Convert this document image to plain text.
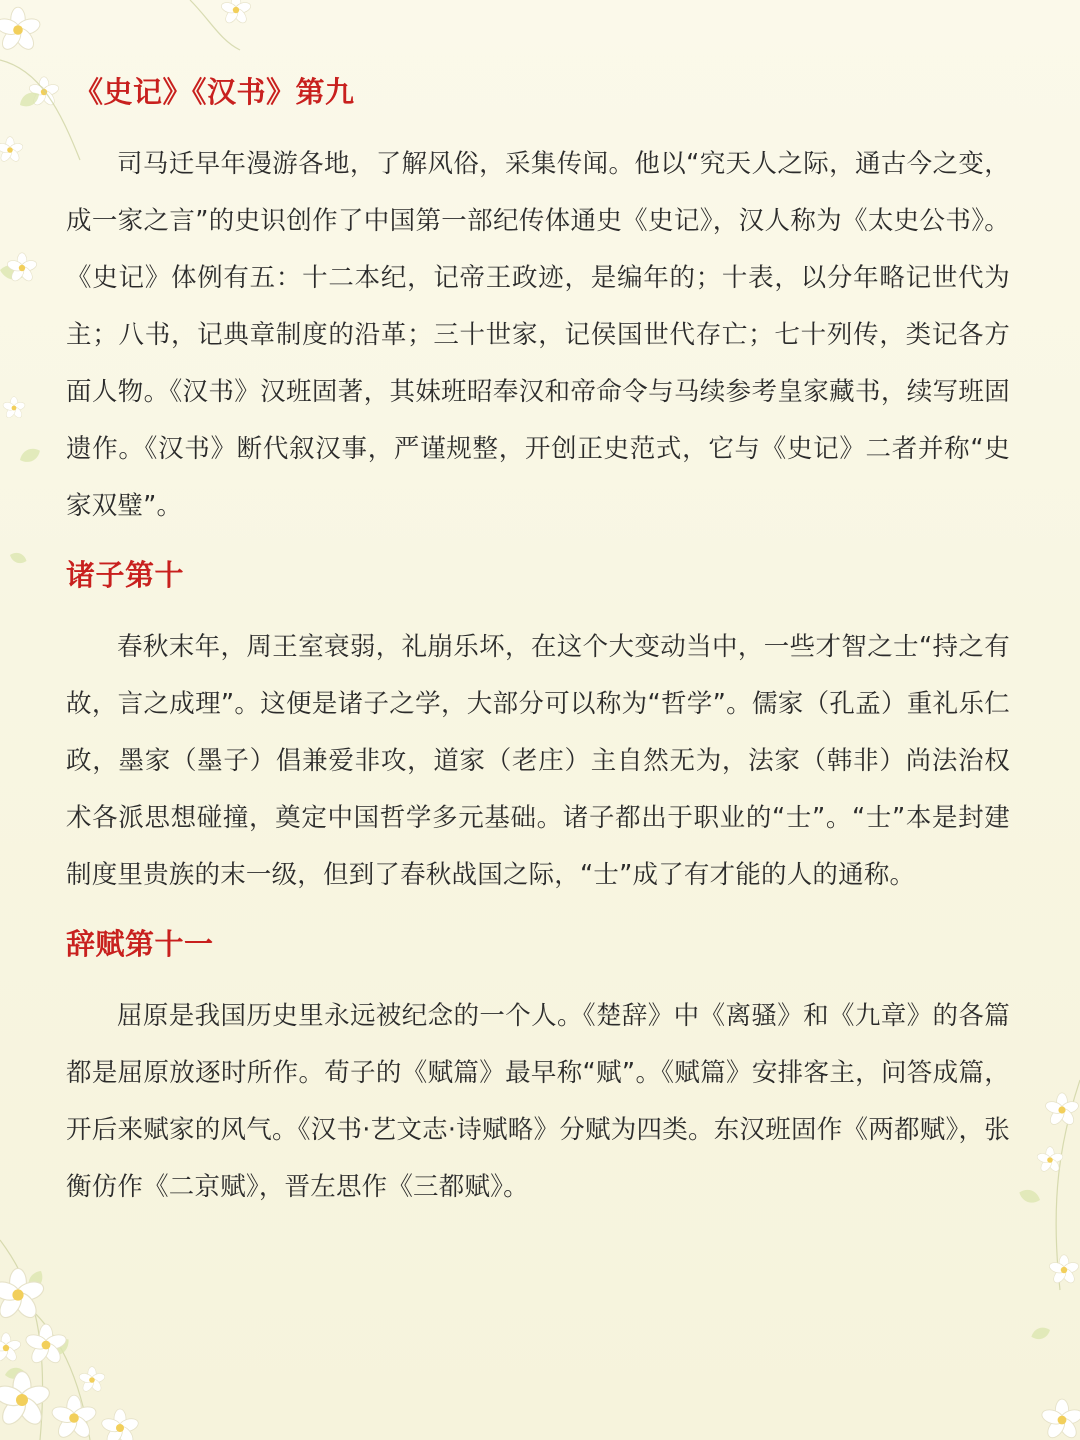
《史记》《汉书》第九

司马迁早年漫游各地，了解风俗，采集传闻。他以“究天人之际，通古今之变，成一家之言”的史识创作了中国第一部纪传体通史《史记》，汉人称为《太史公书》。《史记》体例有五：十二本纪，记帝王政迹，是编年的；十表，以分年略记世代为主；八书，记典章制度的沿革；三十世家，记侯国世代存亡；七十列传，类记各方面人物。《汉书》汉班固著，其妹班昭奉汉和帝命令与马续参考皇家藏书，续写班固遗作。《汉书》断代叙汉事，严谨规整，开创正史范式，它与《史记》二者并称“史家双璧”。

诸子第十

春秋末年，周王室衰弱，礼崩乐坏，在这个大变动当中，一些才智之士“持之有故，言之成理”。这便是诸子之学，大部分可以称为“哲学”。儒家（孔孟）重礼乐仁政，墨家（墨子）倡兼爱非攻，道家（老庄）主自然无为，法家（韩非）尚法治权术各派思想碰撞，奠定中国哲学多元基础。诸子都出于职业的“士”。“士”本是封建制度里贵族的末一级，但到了春秋战国之际，“士”成了有才能的人的通称。

辞赋第十一

屈原是我国历史里永远被纪念的一个人。《楚辞》中《离骚》和《九章》的各篇都是屈原放逐时所作。荀子的《赋篇》最早称“赋”。《赋篇》安排客主，问答成篇，开后来赋家的风气。《汉书·艺文志·诗赋略》分赋为四类。东汉班固作《两都赋》，张衡仿作《二京赋》，晋左思作《三都赋》。
